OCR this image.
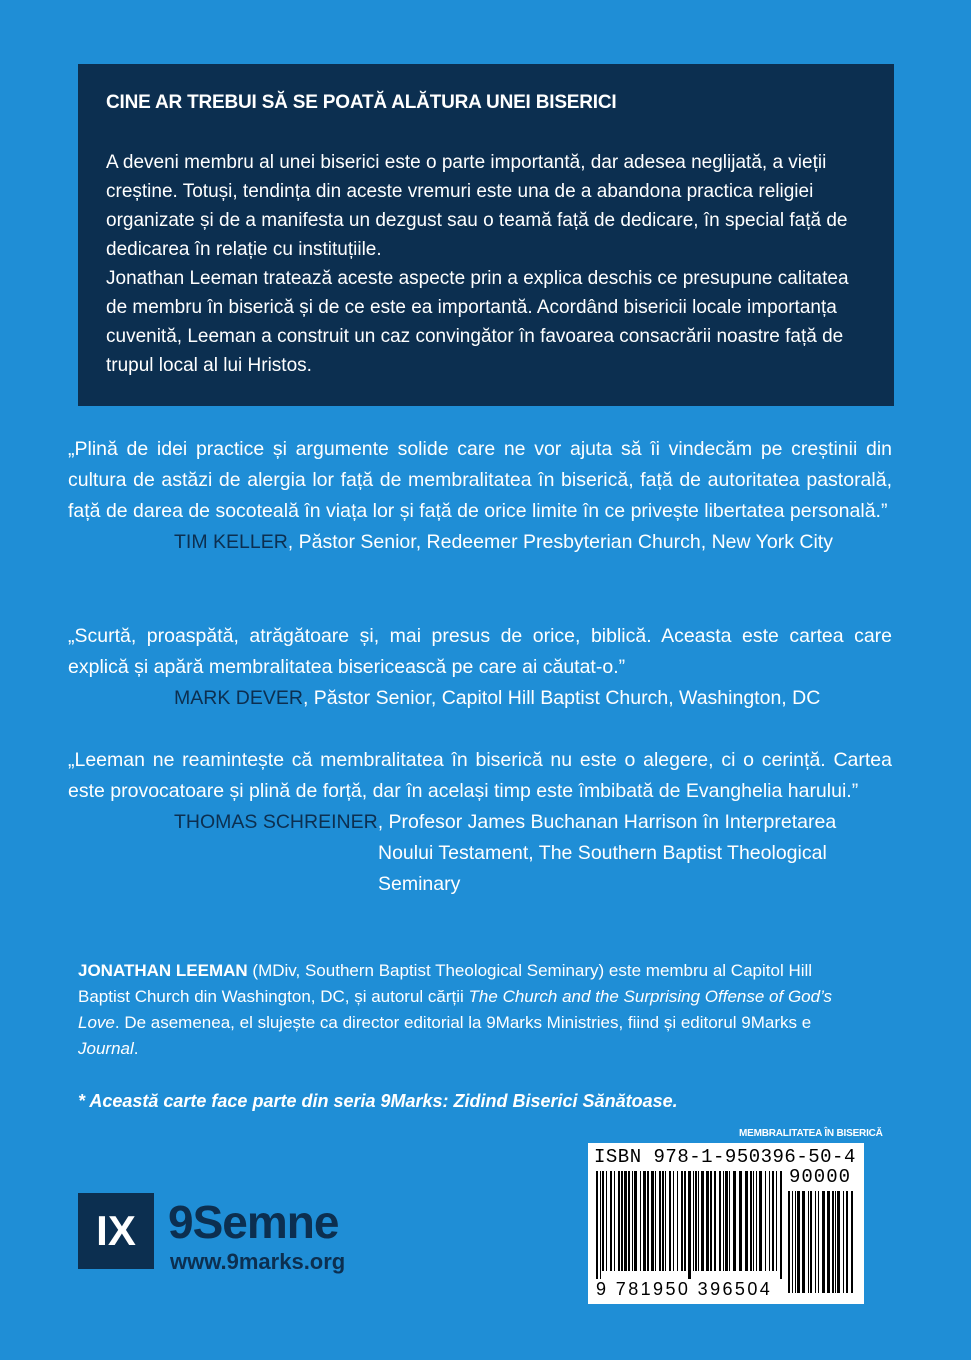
CINE AR TREBUI SĂ SE POATĂ ALĂTURA UNEI BISERICI

A deveni membru al unei biserici este o parte importantă, dar adesea neglijată, a vieții creștine. Totuși, tendința din aceste vremuri este una de a abandona practica religiei organizate și de a manifesta un dezgust sau o teamă față de dedicare, în special față de dedicarea în relație cu instituțiile.

Jonathan Leeman tratează aceste aspecte prin a explica deschis ce presupune calitatea de membru în biserică și de ce este ea importantă. Acordând bisericii locale importanța cuvenită, Leeman a construit un caz convingător în favoarea consacrării noastre față de trupul local al lui Hristos.

„Plină de idei practice și argumente solide care ne vor ajuta să îi vindecăm pe creștinii din cultura de astăzi de alergia lor față de membralitatea în biserică, față de autoritatea pastorală, față de darea de socoteală în viața lor și față de orice limite în ce privește libertatea personală.”

TIM KELLER, Păstor Senior, Redeemer Presbyterian Church, New York City

„Scurtă, proaspătă, atrăgătoare și, mai presus de orice, biblică. Aceasta este cartea care explică și apără membralitatea bisericească pe care ai căutat-o.”

MARK DEVER, Păstor Senior, Capitol Hill Baptist Church, Washington, DC

„Leeman ne reamintește că membralitatea în biserică nu este o alegere, ci o cerință. Cartea este provocatoare și plină de forță, dar în același timp este îmbibată de Evanghelia harului.”

THOMAS SCHREINER, Profesor James Buchanan Harrison în Interpretarea
Noului Testament, The Southern Baptist Theological
Seminary
JONATHAN LEEMAN (MDiv, Southern Baptist Theological Seminary) este membru al Capitol Hill Baptist Church din Washington, DC, și autorul cărții The Church and the Surprising Offense of God’s Love. De asemenea, el slujește ca director editorial la 9Marks Ministries, fiind și editorul 9Marks e Journal.
* Această carte face parte din seria 9Marks: Zidind Biserici Sănătoase.
IX 9Semne
www.9marks.org
MEMBRALITATEA ÎN BISERICĂ
ISBN 978-1-950396-50-4
90000
9 781950 396504
